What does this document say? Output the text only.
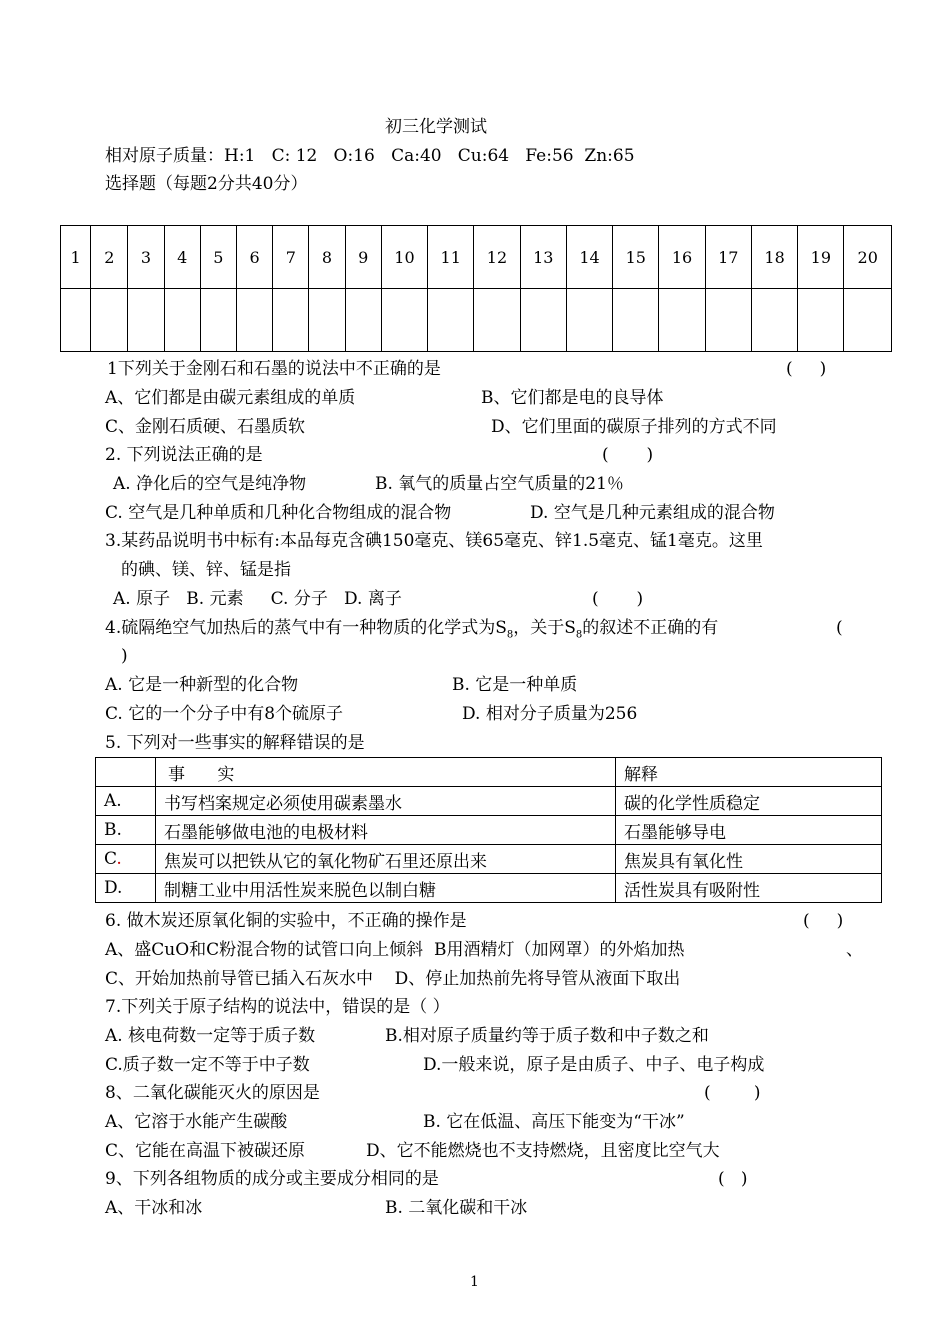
初三化学测试
相对原子质量：H:1   C: 12   O:16   Ca:40   Cu:64   Fe:56  Zn:65
选择题（每题2分共40分）
1	2	3	4	5	6	7	8	9	10	11	12	13	14	15	16	17	18	19	20

1下列关于金刚石和石墨的说法中不正确的是	(     )
A、它们都是由碳元素组成的单质	B、它们都是电的良导体
C、金刚石质硬、石墨质软	D、它们里面的碳原子排列的方式不同
2. 下列说法正确的是	(       )
A. 净化后的空气是纯净物	B. 氧气的质量占空气质量的21％
C. 空气是几种单质和几种化合物组成的混合物	D. 空气是几种元素组成的混合物
3.某药品说明书中标有:本品每克含碘150毫克、镁65毫克、锌1.5毫克、锰1毫克。这里
的碘、镁、锌、锰是指
A. 原子   B. 元素     C. 分子   D. 离子	(       )
4.硫隔绝空气加热后的蒸气中有一种物质的化学式为$S_8$，关于$S_8$的叙述不正确的有	(
)
A. 它是一种新型的化合物	B. 它是一种单质
C. 它的一个分子中有8个硫原子	D. 相对分子质量为256
5. 下列对一些事实的解释错误的是
	事      实	解释
A.	书写档案规定必须使用碳素墨水	碳的化学性质稳定
B.	石墨能够做电池的电极材料	石墨能够导电
C.	焦炭可以把铁从它的氧化物矿石里还原出来	焦炭具有氧化性
D.	制糖工业中用活性炭来脱色以制白糖	活性炭具有吸附性
6. 做木炭还原氧化铜的实验中，不正确的操作是	(     )
A、盛CuO和C粉混合物的试管口向上倾斜  B用酒精灯（加网罩）的外焰加热	、
C、开始加热前导管已插入石灰水中    D、停止加热前先将导管从液面下取出
7.下列关于原子结构的说法中，错误的是（ ）
A. 核电荷数一定等于质子数	B.相对原子质量约等于质子数和中子数之和
C.质子数一定不等于中子数	D.一般来说，原子是由质子、中子、电子构成
8、二氧化碳能灭火的原因是	(        )
A、它溶于水能产生碳酸	B. 它在低温、高压下能变为“干冰”
C、它能在高温下被碳还原	D、它不能燃烧也不支持燃烧，且密度比空气大
9、下列各组物质的成分或主要成分相同的是	(   )
A、干冰和冰	B. 二氧化碳和干冰
1
